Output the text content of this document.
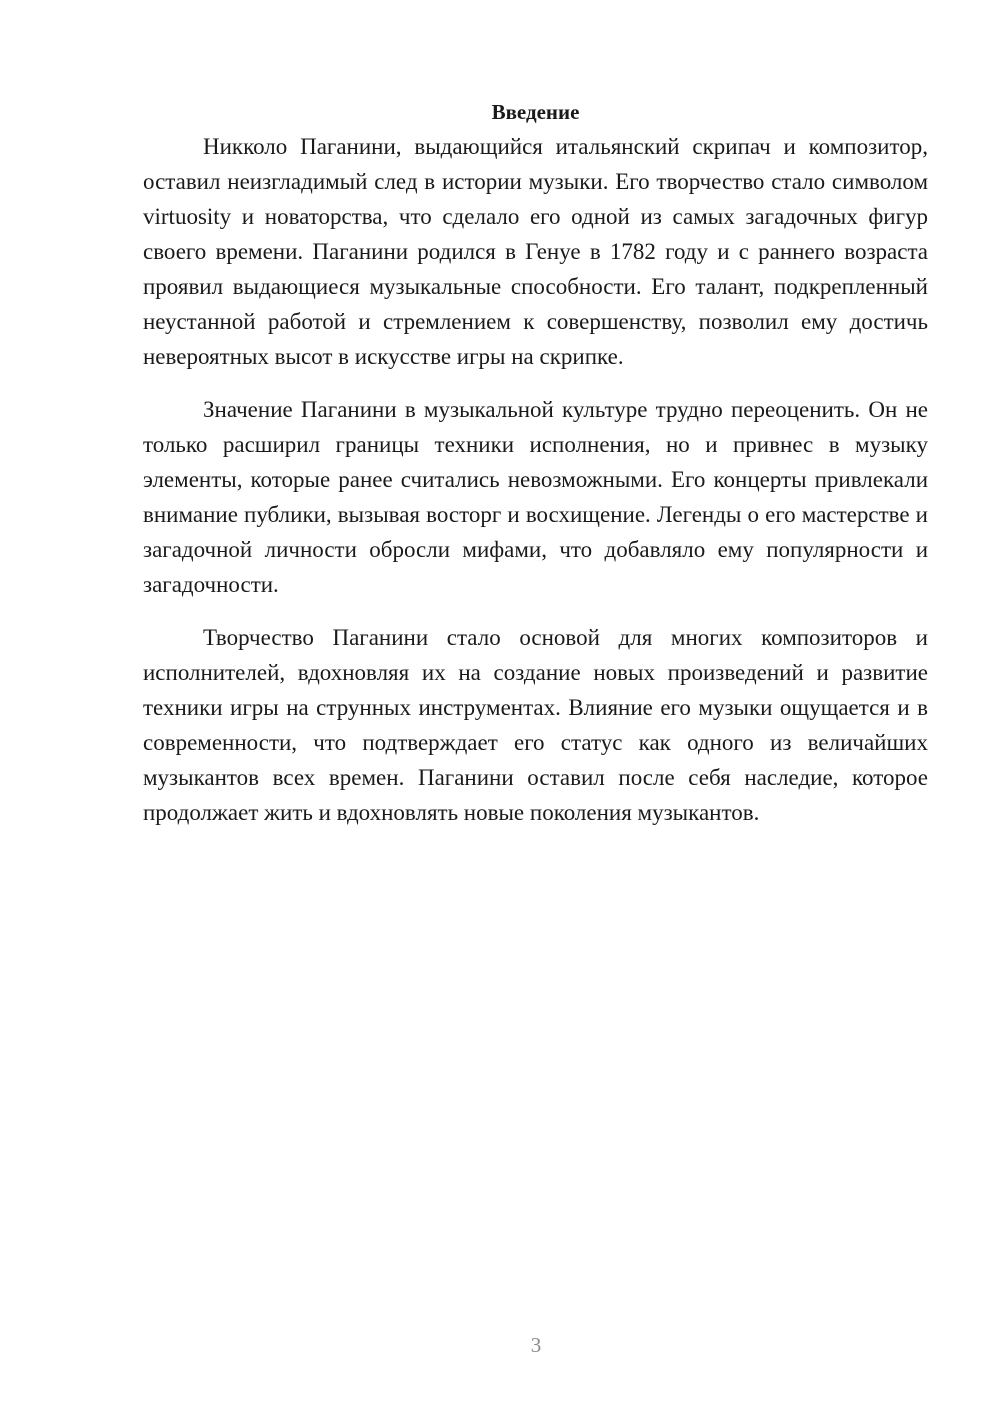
Введение

Никколо Паганини, выдающийся итальянский скрипач и композитор, оставил неизгладимый след в истории музыки. Его творчество стало символом virtuosity и новаторства, что сделало его одной из самых загадочных фигур своего времени. Паганини родился в Генуе в 1782 году и с раннего возраста проявил выдающиеся музыкальные способности. Его талант, подкрепленный неустанной работой и стремлением к совершенству, позволил ему достичь невероятных высот в искусстве игры на скрипке.

Значение Паганини в музыкальной культуре трудно переоценить. Он не только расширил границы техники исполнения, но и привнес в музыку элементы, которые ранее считались невозможными. Его концерты привлекали внимание публики, вызывая восторг и восхищение. Легенды о его мастерстве и загадочной личности обросли мифами, что добавляло ему популярности и загадочности.

Творчество Паганини стало основой для многих композиторов и исполнителей, вдохновляя их на создание новых произведений и развитие техники игры на струнных инструментах. Влияние его музыки ощущается и в современности, что подтверждает его статус как одного из величайших музыкантов всех времен. Паганини оставил после себя наследие, которое продолжает жить и вдохновлять новые поколения музыкантов.

3
